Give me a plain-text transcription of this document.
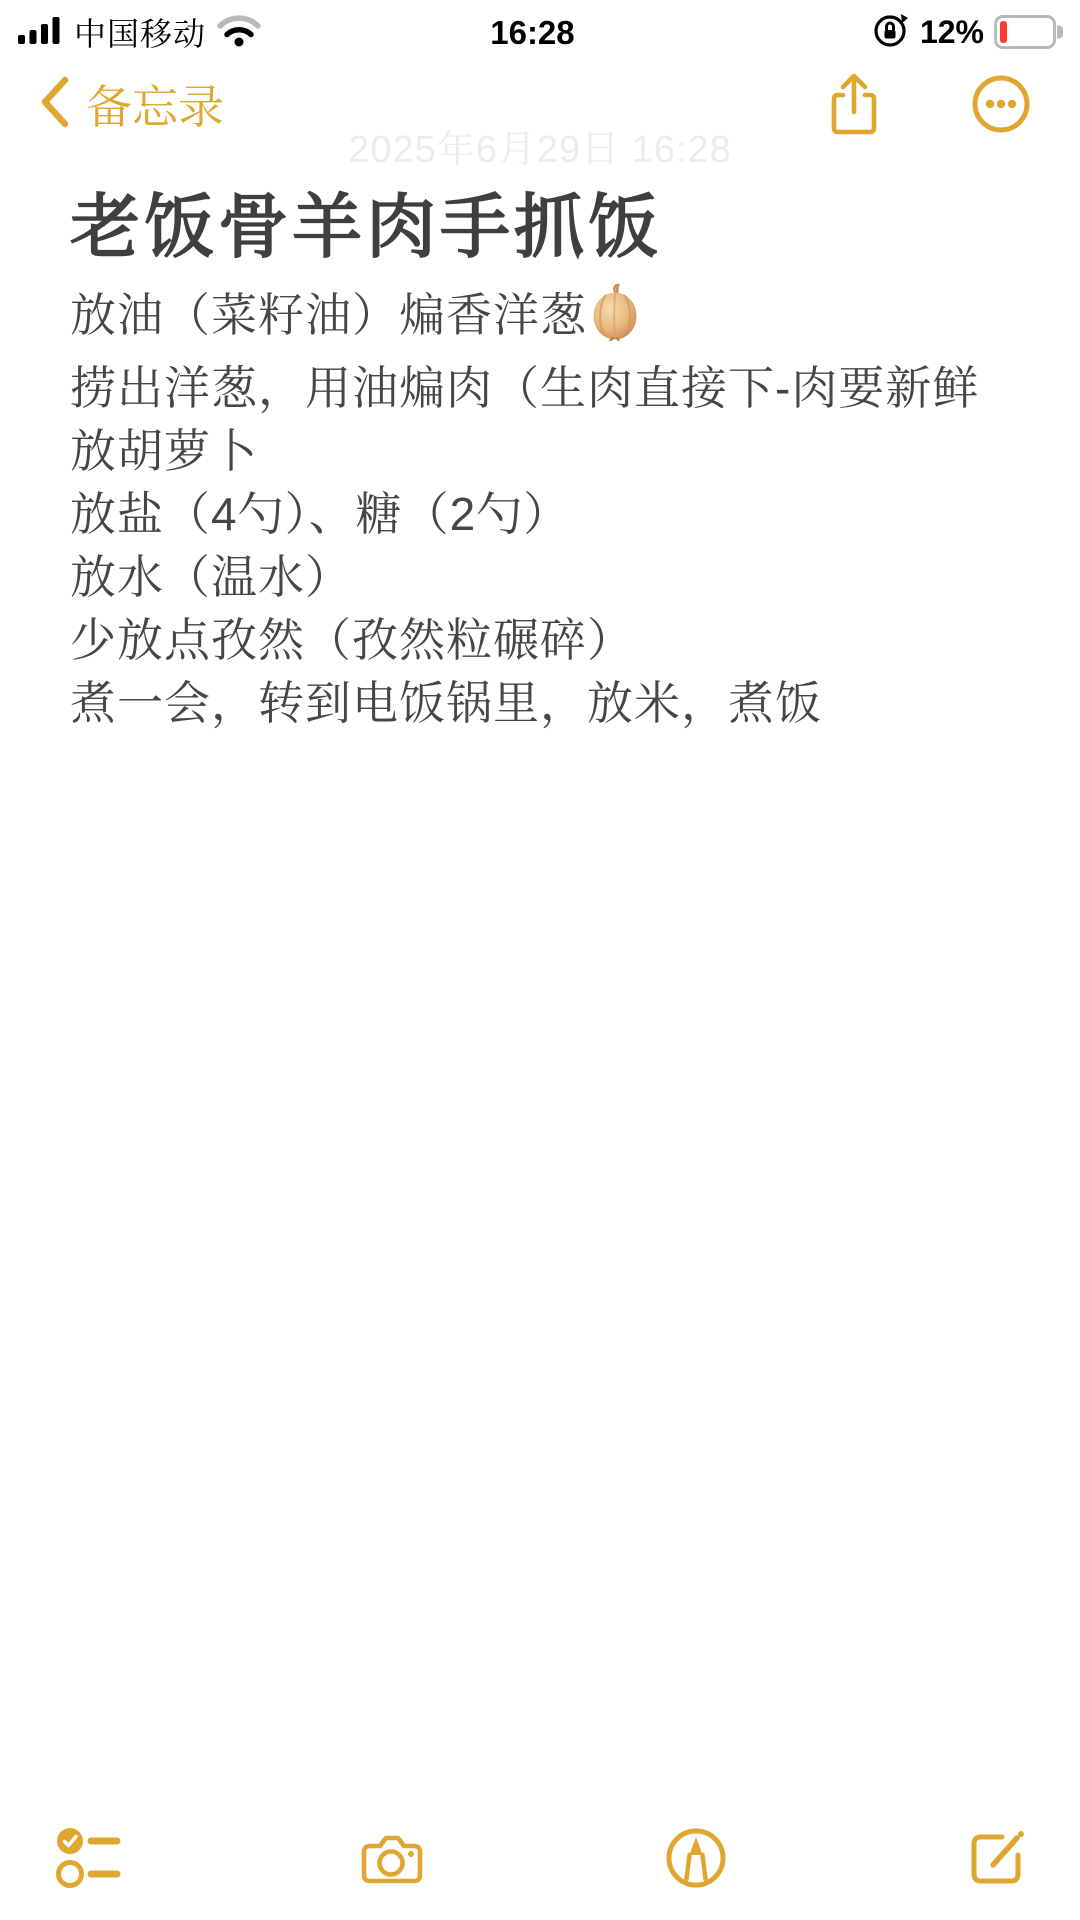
中国移动	16:28	12%
备忘录
2025年6月29日 16:28
老饭骨羊肉手抓饭
放油（菜籽油）煸香洋葱
捞出洋葱，用油煸肉（生肉直接下-肉要新鲜
放胡萝卜
放盐（4勺）、糖（2勺）
放水（温水）
少放点孜然（孜然粒碾碎）
煮一会，转到电饭锅里，放米，煮饭
